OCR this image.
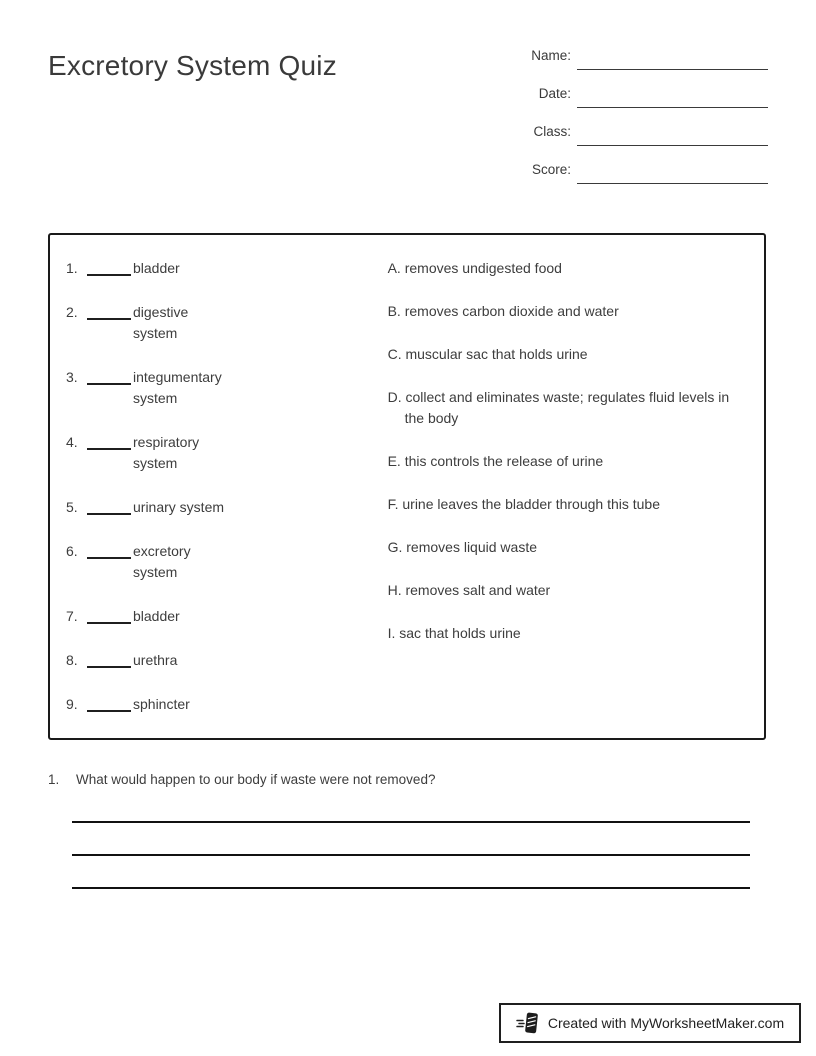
Excretory System Quiz	Name:
Date:
Class:
Score:
1.	bladder
2.	digestive system
3.	integumentary system
4.	respiratory system
5.	urinary system
6.	excretory system
7.	bladder
8.	urethra
9.	sphincter
A. removes undigested food
B. removes carbon dioxide and water
C. muscular sac that holds urine
D. collect and eliminates waste; regulates fluid levels in the body
E. this controls the release of urine
F. urine leaves the bladder through this tube
G. removes liquid waste
H. removes salt and water
I. sac that holds urine
1.	What would happen to our body if waste were not removed?
Created with MyWorksheetMaker.com
